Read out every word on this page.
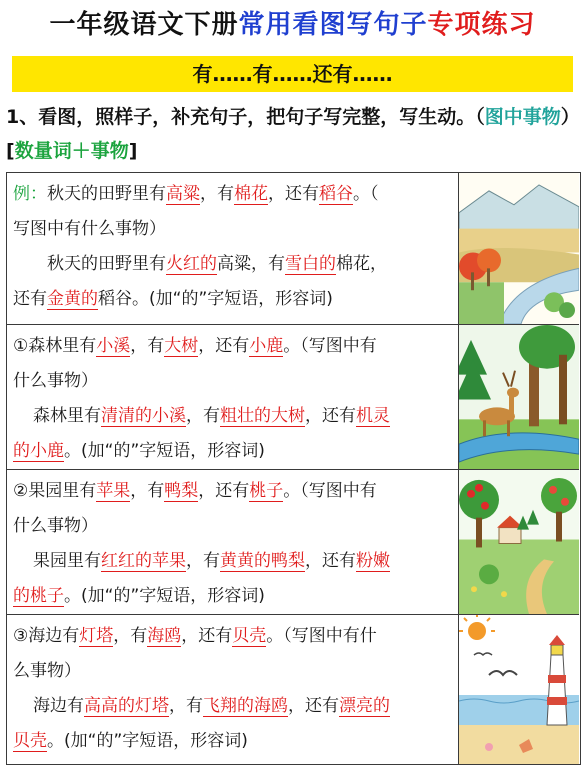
一年级语文下册常用看图写句子专项练习
有……有……还有……
1、看图，照样子，补充句子，把句子写完整，写生动。（图中事物）[数量词＋事物]
例：秋天的田野里有高粱，有棉花，还有稻谷。（
写图中有什么事物）
秋天的田野里有火红的高粱，有雪白的棉花，
还有金黄的稻谷。(加“的”字短语，形容词)
①森林里有小溪，有大树，还有小鹿。（写图中有
什么事物）
森林里有清清的小溪，有粗壮的大树，还有机灵
的小鹿。(加“的”字短语，形容词)
②果园里有苹果，有鸭梨，还有桃子。（写图中有
什么事物）
果园里有红红的苹果，有黄黄的鸭梨，还有粉嫩
的桃子。(加“的”字短语，形容词)
③海边有灯塔，有海鸥，还有贝壳。（写图中有什
么事物）
海边有高高的灯塔，有飞翔的海鸥，还有漂亮的
贝壳。(加“的”字短语，形容词)
